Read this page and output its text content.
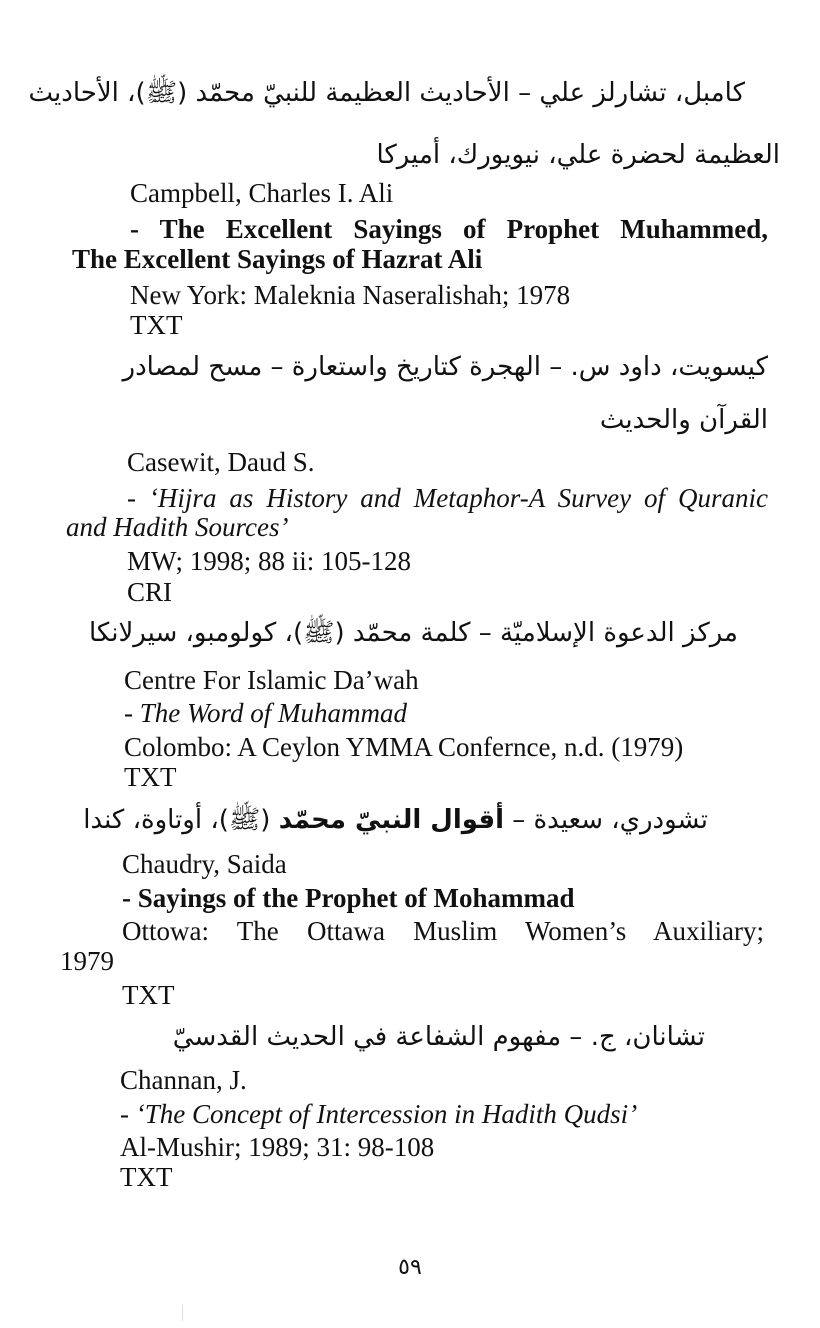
كامبل، تشارلز علي – الأحاديث العظيمة للنبيّ محمّد (ﷺ)، الأحاديث
العظيمة لحضرة علي، نيويورك، أميركا
Campbell, Charles I. Ali
- The Excellent Sayings of Prophet Muhammed,
The Excellent Sayings of Hazrat Ali
New York: Maleknia Naseralishah; 1978
TXT
كيسويت، داود س. – الهجرة كتاريخ واستعارة – مسح لمصادر
القرآن والحديث
Casewit, Daud S.
- ‘Hijra as History and Metaphor-A Survey of Quranic
and Hadith Sources’
MW; 1998; 88 ii: 105-128
CRI
مركز الدعوة الإسلاميّة – كلمة محمّد (ﷺ)، كولومبو، سيرلانكا
Centre For Islamic Da’wah
- The Word of Muhammad
Colombo: A Ceylon YMMA Confernce, n.d. (1979)
TXT
تشودري، سعيدة – أقوال النبيّ محمّد (ﷺ)، أوتاوة، كندا
Chaudry, Saida
- Sayings of the Prophet of Mohammad
Ottowa: The Ottawa Muslim Women’s Auxiliary;
1979
TXT
تشانان، ج. – مفهوم الشفاعة في الحديث القدسيّ
Channan, J.
- ‘The Concept of Intercession in Hadith Qudsi’
Al-Mushir; 1989; 31: 98-108
TXT
٥٩
